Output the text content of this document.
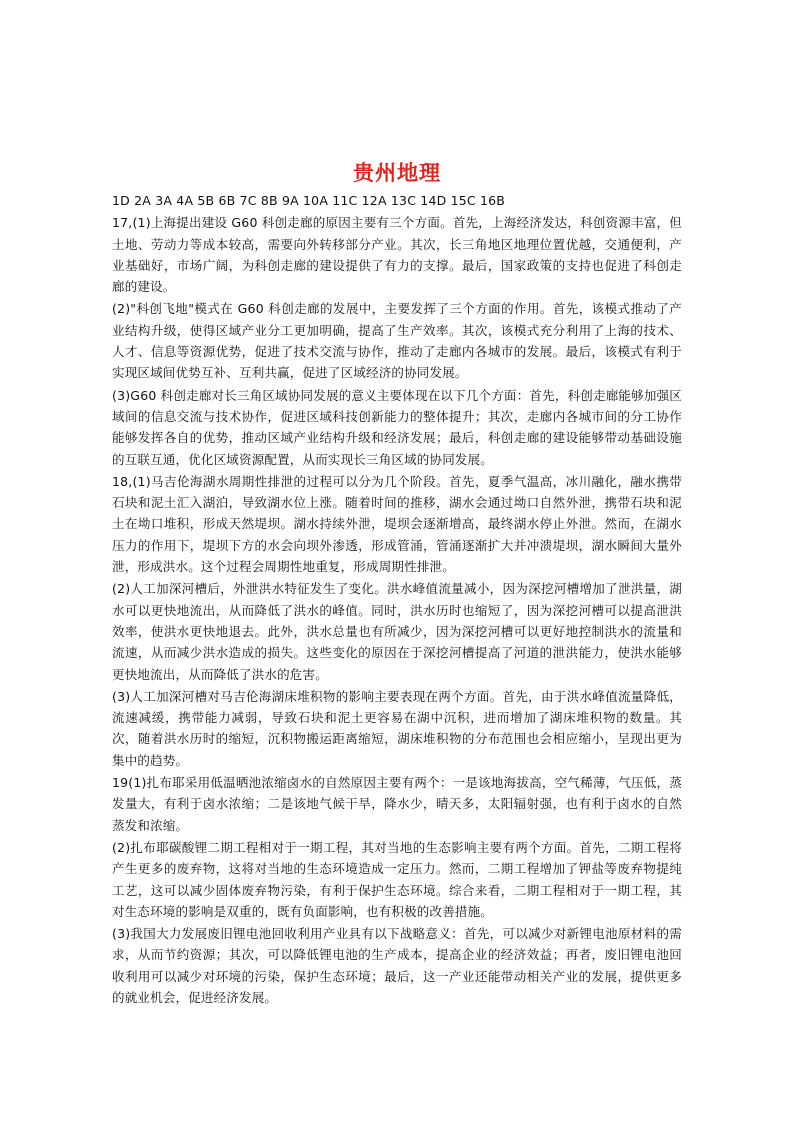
贵州地理

1D 2A 3A 4A 5B 6B 7C 8B 9A 10A 11C 12A 13C 14D 15C 16B

17,(1)上海提出建设 G60 科创走廊的原因主要有三个方面。首先，上海经济发达，科创资源丰富，但土地、劳动力等成本较高，需要向外转移部分产业。其次，长三角地区地理位置优越，交通便利，产业基础好，市场广阔，为科创走廊的建设提供了有力的支撑。最后，国家政策的支持也促进了科创走廊的建设。

(2)"科创飞地"模式在 G60 科创走廊的发展中，主要发挥了三个方面的作用。首先，该模式推动了产业结构升级，使得区域产业分工更加明确，提高了生产效率。其次，该模式充分利用了上海的技术、人才、信息等资源优势，促进了技术交流与协作，推动了走廊内各城市的发展。最后，该模式有利于实现区域间优势互补、互利共赢，促进了区域经济的协同发展。

(3)G60 科创走廊对长三角区域协同发展的意义主要体现在以下几个方面：首先，科创走廊能够加强区域间的信息交流与技术协作，促进区域科技创新能力的整体提升；其次，走廊内各城市间的分工协作能够发挥各自的优势，推动区域产业结构升级和经济发展；最后，科创走廊的建设能够带动基础设施的互联互通，优化区域资源配置，从而实现长三角区域的协同发展。

18,(1)马吉伦海湖水周期性排泄的过程可以分为几个阶段。首先，夏季气温高，冰川融化，融水携带石块和泥土汇入湖泊，导致湖水位上涨。随着时间的推移，湖水会通过坳口自然外泄，携带石块和泥土在坳口堆积，形成天然堤坝。湖水持续外泄，堤坝会逐渐增高，最终湖水停止外泄。然而，在湖水压力的作用下，堤坝下方的水会向坝外渗透，形成管涌，管涌逐渐扩大并冲溃堤坝，湖水瞬间大量外泄，形成洪水。这个过程会周期性地重复，形成周期性排泄。

(2)人工加深河槽后，外泄洪水特征发生了变化。洪水峰值流量减小，因为深挖河槽增加了泄洪量，湖水可以更快地流出，从而降低了洪水的峰值。同时，洪水历时也缩短了，因为深挖河槽可以提高泄洪效率，使洪水更快地退去。此外，洪水总量也有所减少，因为深挖河槽可以更好地控制洪水的流量和流速，从而减少洪水造成的损失。这些变化的原因在于深挖河槽提高了河道的泄洪能力，使洪水能够更快地流出，从而降低了洪水的危害。

(3)人工加深河槽对马吉伦海湖床堆积物的影响主要表现在两个方面。首先，由于洪水峰值流量降低，流速减缓，携带能力减弱，导致石块和泥土更容易在湖中沉积，进而增加了湖床堆积物的数量。其次，随着洪水历时的缩短，沉积物搬运距离缩短，湖床堆积物的分布范围也会相应缩小，呈现出更为集中的趋势。

19(1)扎布耶采用低温晒池浓缩卤水的自然原因主要有两个：一是该地海拔高，空气稀薄，气压低，蒸发量大，有利于卤水浓缩；二是该地气候干旱，降水少，晴天多，太阳辐射强，也有利于卤水的自然蒸发和浓缩。

(2)扎布耶碳酸锂二期工程相对于一期工程，其对当地的生态影响主要有两个方面。首先，二期工程将产生更多的废弃物，这将对当地的生态环境造成一定压力。然而，二期工程增加了钾盐等废弃物提纯工艺，这可以减少固体废弃物污染，有利于保护生态环境。综合来看，二期工程相对于一期工程，其对生态环境的影响是双重的，既有负面影响，也有积极的改善措施。

(3)我国大力发展废旧锂电池回收利用产业具有以下战略意义：首先，可以减少对新锂电池原材料的需求，从而节约资源；其次，可以降低锂电池的生产成本，提高企业的经济效益；再者，废旧锂电池回收利用可以减少对环境的污染，保护生态环境；最后，这一产业还能带动相关产业的发展，提供更多的就业机会，促进经济发展。
